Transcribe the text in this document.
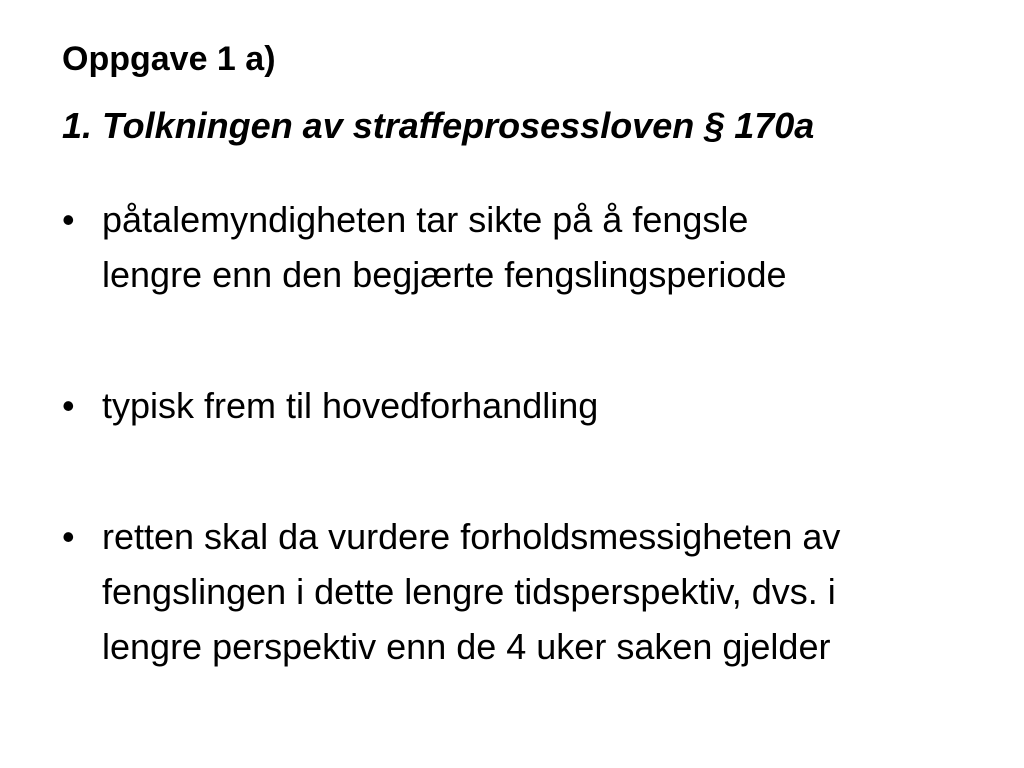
Oppgave 1 a)
1. Tolkningen av straffeprosessloven § 170a
• påtalemyndigheten tar sikte på å fengsle
lengre enn den begjærte fengslingsperiode
• typisk frem til hovedforhandling
• retten skal da vurdere forholdsmessigheten av
fengslingen i dette lengre tidsperspektiv, dvs. i
lengre perspektiv enn de 4 uker saken gjelder
